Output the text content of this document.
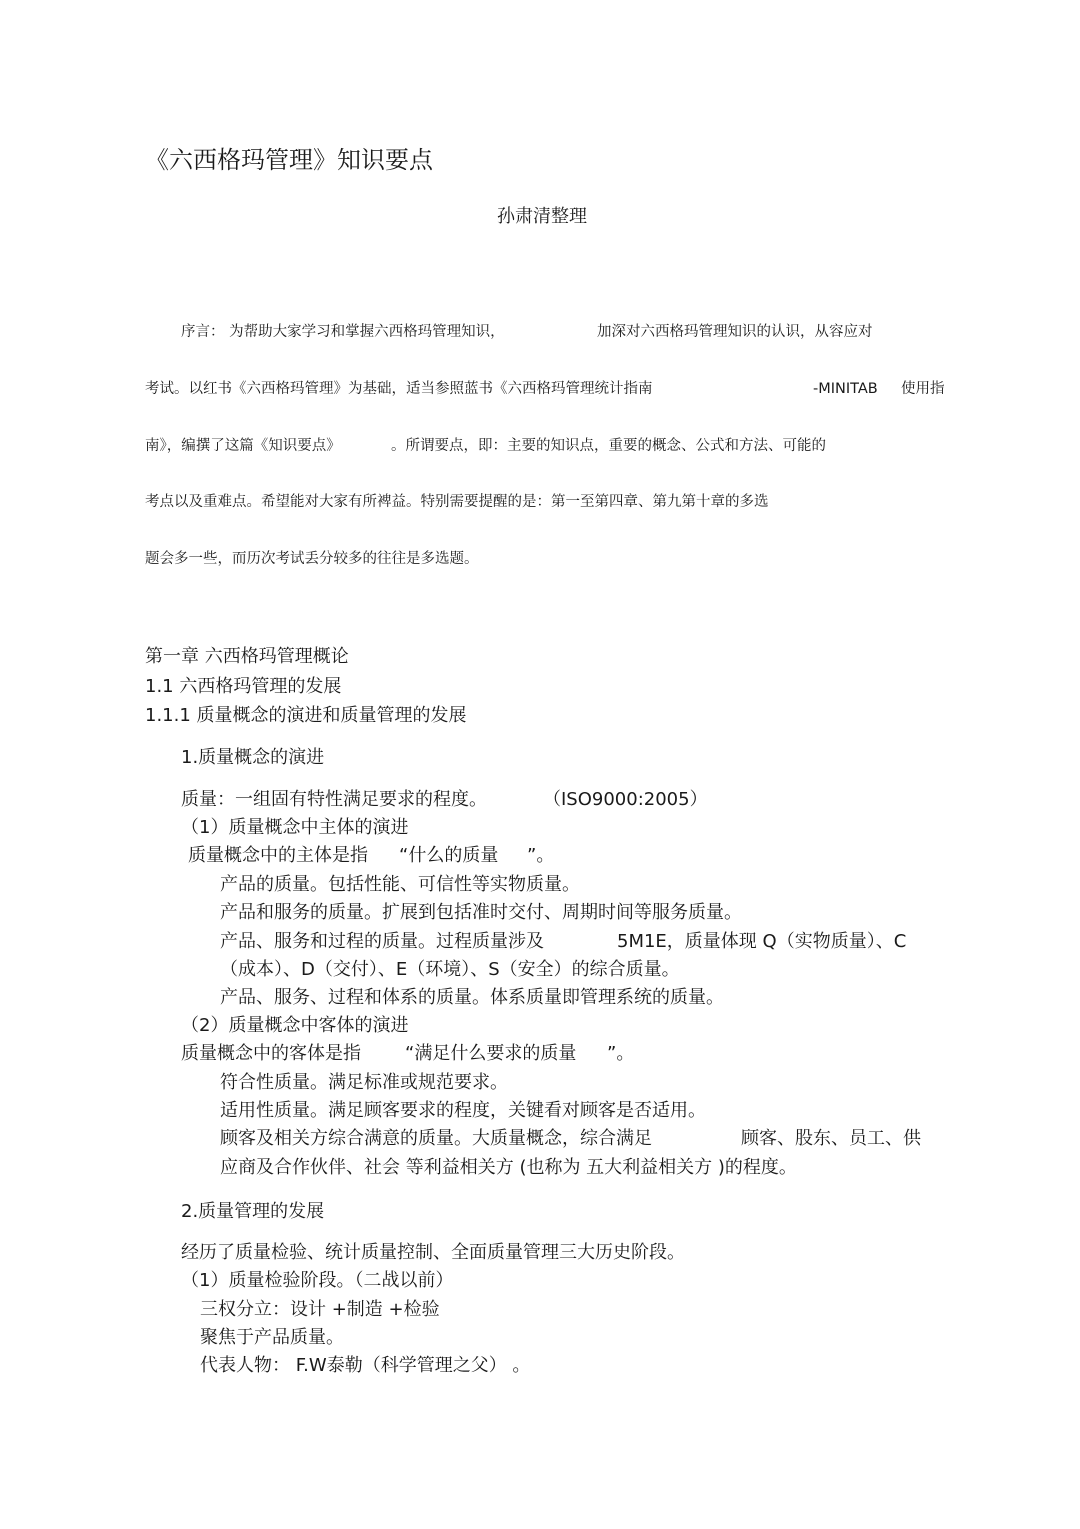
《六西格玛管理》知识要点
孙肃清整理
序言： 为帮助大家学习和掌握六西格玛管理知识，	加深对六西格玛管理知识的认识，从容应对
考试。以红书《六西格玛管理》为基础，适当参照蓝书《六西格玛管理统计指南	-MINITAB 使用指
南》，编撰了这篇《知识要点》	。所谓要点，即：主要的知识点，重要的概念、公式和方法、可能的
考点以及重难点。希望能对大家有所裨益。特别需要提醒的是：第一至第四章、第九第十章的多选
题会多一些，而历次考试丢分较多的往往是多选题。
第一章 六西格玛管理概论
1.1 六西格玛管理的发展
1.1.1 质量概念的演进和质量管理的发展
1.质量概念的演进
质量：一组固有特性满足要求的程度。	（ISO9000:2005）
（1）质量概念中主体的演进
质量概念中的主体是指 “什么的质量 ”。
产品的质量。包括性能、可信性等实物质量。
产品和服务的质量。扩展到包括准时交付、周期时间等服务质量。
产品、服务和过程的质量。过程质量涉及	5M1E，质量体现 Q（实物质量）、C
（成本）、D（交付）、E（环境）、S（安全）的综合质量。
产品、服务、过程和体系的质量。体系质量即管理系统的质量。
（2）质量概念中客体的演进
质量概念中的客体是指 “满足什么要求的质量 ”。
符合性质量。满足标准或规范要求。
适用性质量。满足顾客要求的程度，关键看对顾客是否适用。
顾客及相关方综合满意的质量。大质量概念，综合满足	顾客、股东、员工、供
应商及合作伙伴、社会 等利益相关方 (也称为 五大利益相关方 )的程度。
2.质量管理的发展
经历了质量检验、统计质量控制、全面质量管理三大历史阶段。
（1）质量检验阶段。（二战以前）
三权分立：设计 +制造 +检验
聚焦于产品质量。
代表人物： F.W泰勒（科学管理之父） 。
